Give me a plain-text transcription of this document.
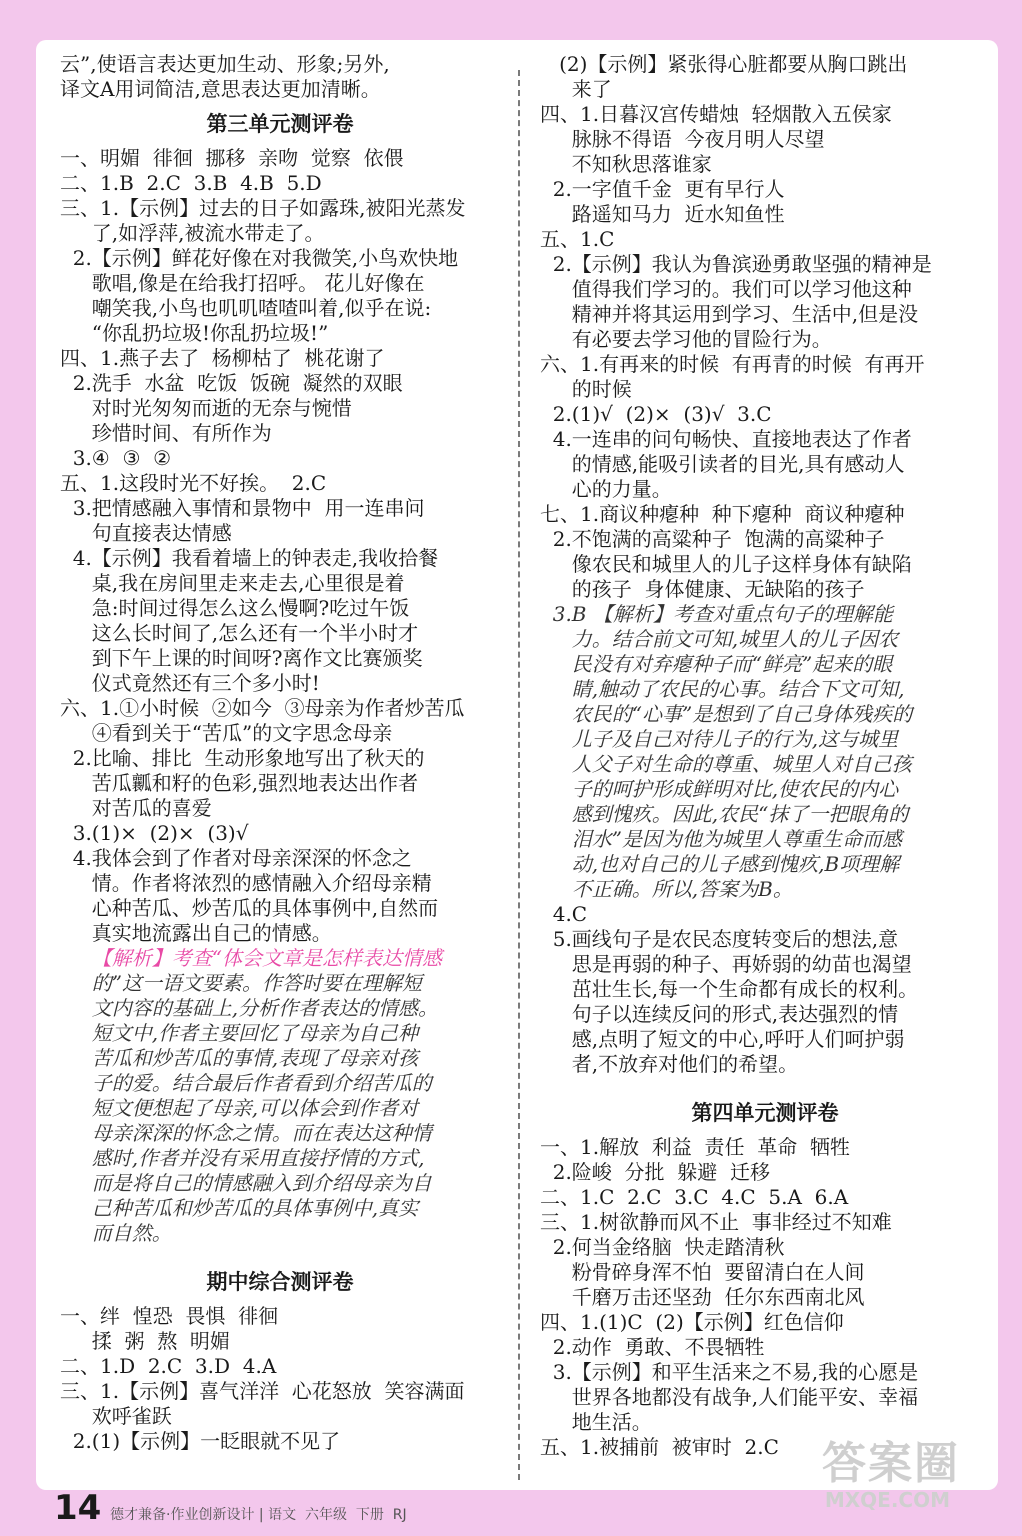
云”,使语言表达更加生动、形象;另外,
译文A用词简洁,意思表达更加清晰。
第三单元测评卷
一、明媚  徘徊  挪移  亲吻  觉察  依偎
二、1.B  2.C  3.B  4.B  5.D
三、1.【示例】过去的日子如露珠,被阳光蒸发
了,如浮萍,被流水带走了。
2.【示例】鲜花好像在对我微笑,小鸟欢快地
歌唱,像是在给我打招呼。 花儿好像在
嘲笑我,小鸟也叽叽喳喳叫着,似乎在说:
“你乱扔垃圾!你乱扔垃圾!”
四、1.燕子去了  杨柳枯了  桃花谢了
2.洗手  水盆  吃饭  饭碗  凝然的双眼
对时光匆匆而逝的无奈与惋惜
珍惜时间、有所作为
3.④  ③  ②
五、1.这段时光不好挨。  2.C
3.把情感融入事情和景物中  用一连串问
句直接表达情感
4.【示例】我看着墙上的钟表走,我收拾餐
桌,我在房间里走来走去,心里很是着
急:时间过得怎么这么慢啊?吃过午饭
这么长时间了,怎么还有一个半小时才
到下午上课的时间呀?离作文比赛颁奖
仪式竟然还有三个多小时!
六、1.①小时候  ②如今  ③母亲为作者炒苦瓜
④看到关于“苦瓜”的文字思念母亲
2.比喻、排比  生动形象地写出了秋天的
苦瓜瓤和籽的色彩,强烈地表达出作者
对苦瓜的喜爱
3.(1)×  (2)×  (3)√
4.我体会到了作者对母亲深深的怀念之
情。作者将浓烈的感情融入介绍母亲精
心种苦瓜、炒苦瓜的具体事例中,自然而
真实地流露出自己的情感。
【解析】考查“体会文章是怎样表达情感
的”这一语文要素。作答时要在理解短
文内容的基础上,分析作者表达的情感。
短文中,作者主要回忆了母亲为自己种
苦瓜和炒苦瓜的事情,表现了母亲对孩
子的爱。结合最后作者看到介绍苦瓜的
短文便想起了母亲,可以体会到作者对
母亲深深的怀念之情。而在表达这种情
感时,作者并没有采用直接抒情的方式,
而是将自己的情感融入到介绍母亲为自
己种苦瓜和炒苦瓜的具体事例中,真实
而自然。
期中综合测评卷
一、绊  惶恐  畏惧  徘徊
揉  粥  熬  明媚
二、1.D  2.C  3.D  4.A
三、1.【示例】喜气洋洋  心花怒放  笑容满面
欢呼雀跃
2.(1)【示例】一眨眼就不见了
(2)【示例】紧张得心脏都要从胸口跳出
来了
四、1.日暮汉宫传蜡烛  轻烟散入五侯家
脉脉不得语  今夜月明人尽望
不知秋思落谁家
2.一字值千金  更有早行人
路遥知马力  近水知鱼性
五、1.C
2.【示例】我认为鲁滨逊勇敢坚强的精神是
值得我们学习的。我们可以学习他这种
精神并将其运用到学习、生活中,但是没
有必要去学习他的冒险行为。
六、1.有再来的时候  有再青的时候  有再开
的时候
2.(1)√  (2)×  (3)√  3.C
4.一连串的问句畅快、直接地表达了作者
的情感,能吸引读者的目光,具有感动人
心的力量。
七、1.商议种瘪种  种下瘪种  商议种瘪种
2.不饱满的高粱种子  饱满的高粱种子
像农民和城里人的儿子这样身体有缺陷
的孩子  身体健康、无缺陷的孩子
3.B 【解析】考查对重点句子的理解能
力。结合前文可知,城里人的儿子因农
民没有对弃瘪种子而“鲜亮”起来的眼
睛,触动了农民的心事。结合下文可知,
农民的“心事”是想到了自己身体残疾的
儿子及自己对待儿子的行为,这与城里
人父子对生命的尊重、城里人对自己孩
子的呵护形成鲜明对比,使农民的内心
感到愧疚。因此,农民“抹了一把眼角的
泪水”是因为他为城里人尊重生命而感
动,也对自己的儿子感到愧疚,B项理解
不正确。所以,答案为B。
4.C
5.画线句子是农民态度转变后的想法,意
思是再弱的种子、再娇弱的幼苗也渴望
茁壮生长,每一个生命都有成长的权利。
句子以连续反问的形式,表达强烈的情
感,点明了短文的中心,呼吁人们呵护弱
者,不放弃对他们的希望。
第四单元测评卷
一、1.解放  利益  责任  革命  牺牲
2.险峻  分批  躲避  迁移
二、1.C  2.C  3.C  4.C  5.A  6.A
三、1.树欲静而风不止  事非经过不知难
2.何当金络脑  快走踏清秋
粉骨碎身浑不怕  要留清白在人间
千磨万击还坚劲  任尔东西南北风
四、1.(1)C  (2)【示例】红色信仰
2.动作  勇敢、不畏牺牲
3.【示例】和平生活来之不易,我的心愿是
世界各地都没有战争,人们能平安、幸福
地生活。
五、1.被捕前  被审时  2.C
14 德才兼备·作业创新设计 | 语文  六年级  下册  RJ
答案圈
MXQE.COM
